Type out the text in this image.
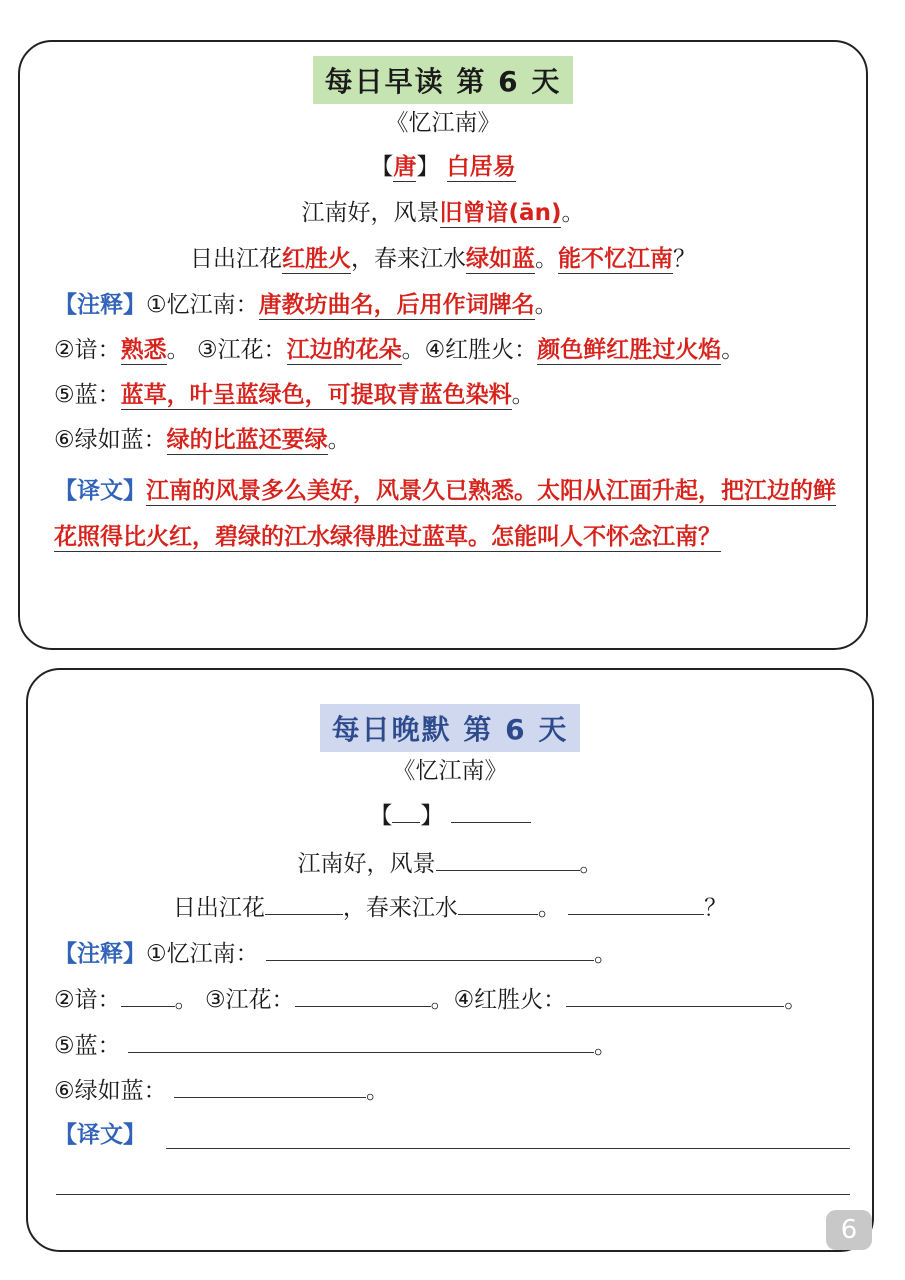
每日早读 第 6 天
《忆江南》
【唐】 白居易
江南好，风景旧曾谙(ān)。
日出江花红胜火，春来江水绿如蓝。能不忆江南？
【注释】①忆江南：唐教坊曲名，后用作词牌名。
②谙：熟悉。 ③江花：江边的花朵。④红胜火：颜色鲜红胜过火焰。
⑤蓝：蓝草，叶呈蓝绿色，可提取青蓝色染料。
⑥绿如蓝：绿的比蓝还要绿。
【译文】江南的风景多么美好，风景久已熟悉。太阳从江面升起，把江边的鲜花照得比火红，碧绿的江水绿得胜过蓝草。怎能叫人不怀念江南？
每日晚默 第 6 天
《忆江南》
【 】
江南好，风景	。
日出江花	，春来江水	。	？
【注释】①忆江南：	。
②谙： 。 ③江花：	。④红胜火：	。
⑤蓝：	。
⑥绿如蓝：	。
【译文】
6
